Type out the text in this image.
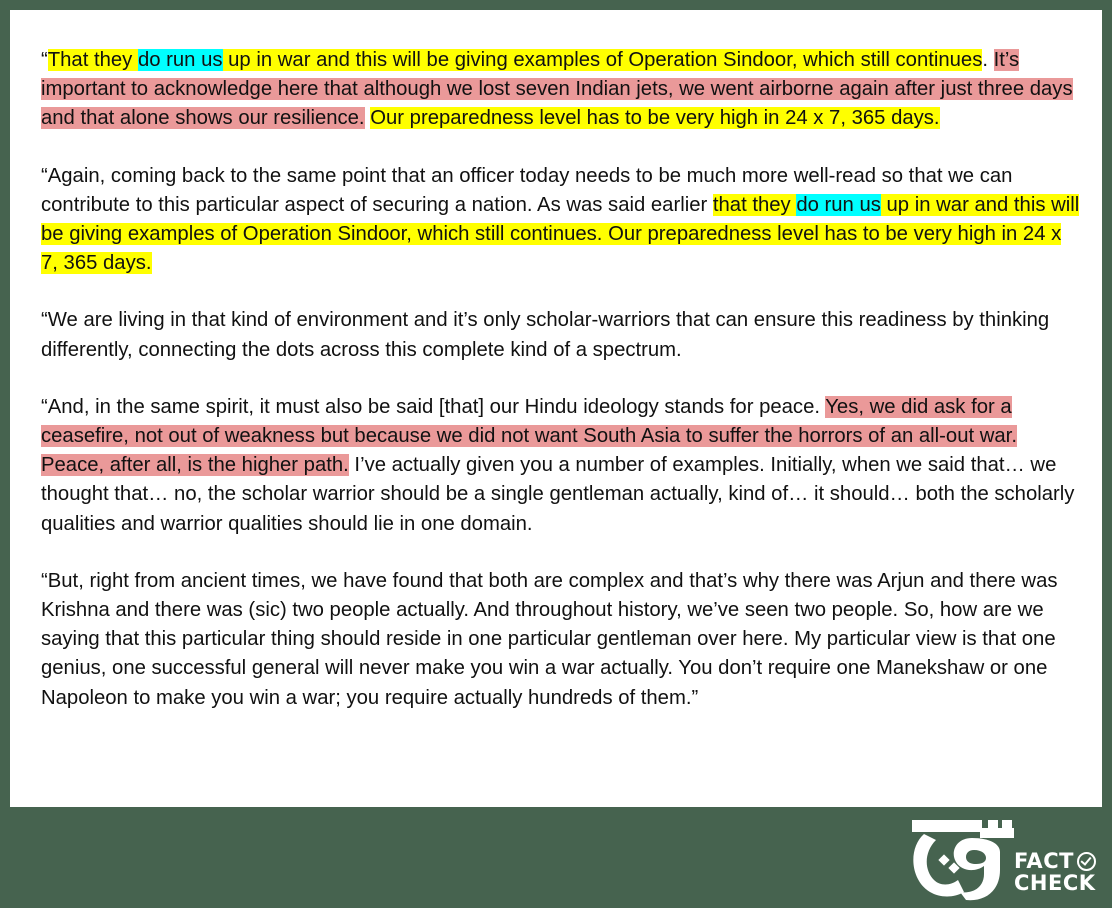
“That they do run us up in war and this will be giving examples of Operation Sindoor, which still continues. It’s important to acknowledge here that although we lost seven Indian jets, we went airborne again after just three days and that alone shows our resilience. Our preparedness level has to be very high in 24 x 7, 365 days.

“Again, coming back to the same point that an officer today needs to be much more well-read so that we can contribute to this particular aspect of securing a nation. As was said earlier that they do run us up in war and this will be giving examples of Operation Sindoor, which still continues. Our preparedness level has to be very high in 24 x 7, 365 days.

“We are living in that kind of environment and it’s only scholar-warriors that can ensure this readiness by thinking differently, connecting the dots across this complete kind of a spectrum.

“And, in the same spirit, it must also be said [that] our Hindu ideology stands for peace. Yes, we did ask for a ceasefire, not out of weakness but because we did not want South Asia to suffer the horrors of an all-out war. Peace, after all, is the higher path. I’ve actually given you a number of examples. Initially, when we said that… we thought that… no, the scholar warrior should be a single gentleman actually, kind of… it should… both the scholarly qualities and warrior qualities should lie in one domain.

“But, right from ancient times, we have found that both are complex and that’s why there was Arjun and there was Krishna and there was (sic) two people actually. And throughout history, we’ve seen two people. So, how are we saying that this particular thing should reside in one particular gentleman over here. My particular view is that one genius, one successful general will never make you win a war actually. You don’t require one Manekshaw or one Napoleon to make you win a war; you require actually hundreds of them.”

FACT
CHECK
